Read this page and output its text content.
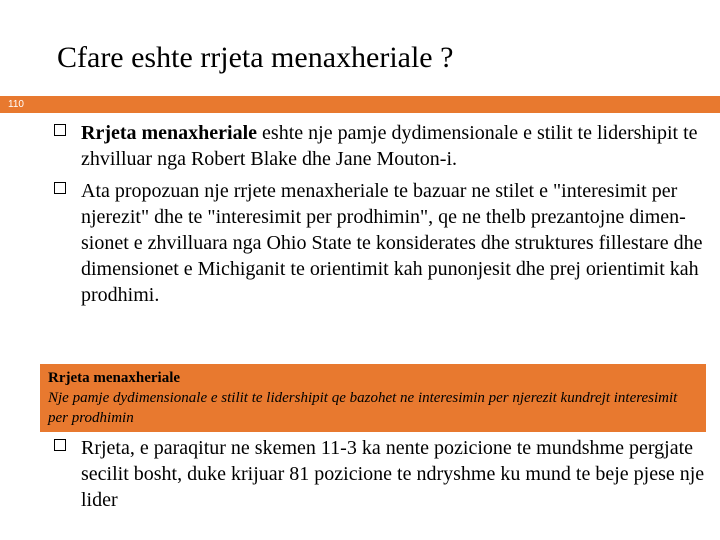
Cfare eshte rrjeta menaxheriale ?
110
Rrjeta menaxheriale eshte nje pamje dydimensionale e stilit te lidershipit te zhvilluar nga Robert Blake dhe Jane Mouton-i.
Ata propozuan nje rrjete menaxheriale te bazuar ne stilet e "interesimit per njerezit" dhe te "interesimit per prodhimin", qe ne thelb prezantojne dimen-sionet e zhvilluara nga Ohio State te konsiderates dhe struktures fillestare dhe dimensionet e Michiganit te orientimit kah punonjesit dhe prej orientimit kah prodhimi.
Rrjeta menaxheriale
Nje pamje dydimensionale e stilit te lidershipit qe bazohet ne interesimin per njerezit kundrejt interesimit per prodhimin
Rrjeta, e paraqitur ne skemen 11-3 ka nente pozicione te mundshme pergjate secilit bosht, duke krijuar 81 pozicione te ndryshme ku mund te beje pjese nje lider
